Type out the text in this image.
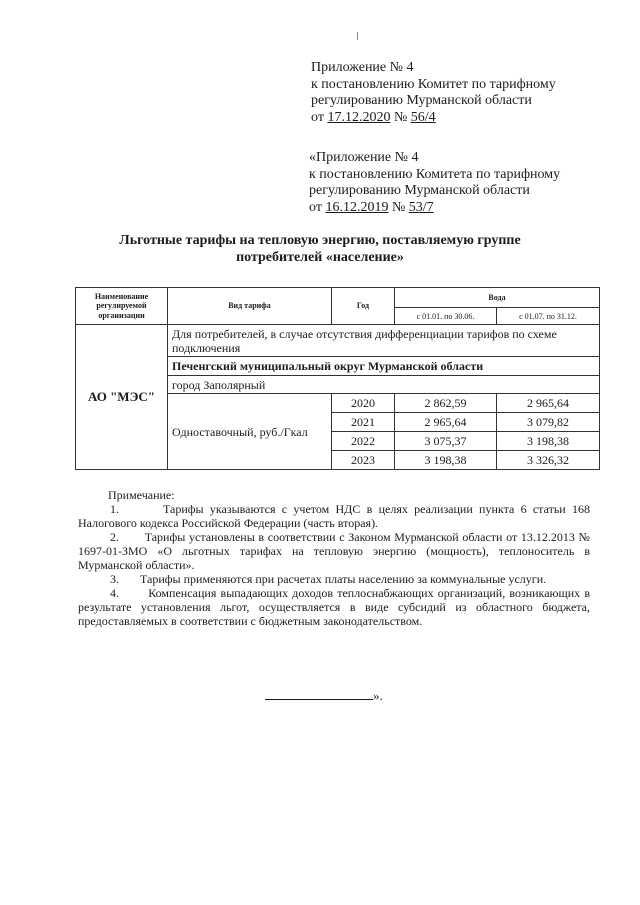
Приложение № 4
к постановлению Комитет по тарифному
регулированию Мурманской области
от 17.12.2020 № 56/4
«Приложение № 4
к постановлению Комитета по тарифному
регулированию Мурманской области
от 16.12.2019 № 53/7
Льготные тарифы на тепловую энергию, поставляемую группе
потребителей «население»
Наименование регулируемой организации	Вид тарифа	Год	Вода	
			с 01.01. по 30.06.	с 01.07. по 31.12.
АО "МЭС"	Для потребителей, в случае отсутствия дифференциации тарифов по схеме подключения			
	Печенгский муниципальный округ Мурманской области			
	город Заполярный			
	Одноставочный, руб./Гкал	2020	2 862,59	2 965,64
		2021	2 965,64	3 079,82
		2022	3 075,37	3 198,38
		2023	3 198,38	3 326,32

Примечание:

1.	Тарифы указываются с учетом НДС в целях реализации пункта 6 статьи 168 Налогового кодекса Российской Федерации (часть вторая).

2. Тарифы установлены в соответствии с Законом Мурманской области от 13.12.2013 № 1697-01-ЗМО «О льготных тарифах на тепловую энергию (мощность), теплоноситель в Мурманской области».

3. Тарифы применяются при расчетах платы населению за коммунальные услуги.

4. Компенсация выпадающих доходов теплоснабжающих организаций, возникающих в результате установления льгот, осуществляется в виде субсидий из областного бюджета, предоставляемых в соответствии с бюджетным законодательством.

».
